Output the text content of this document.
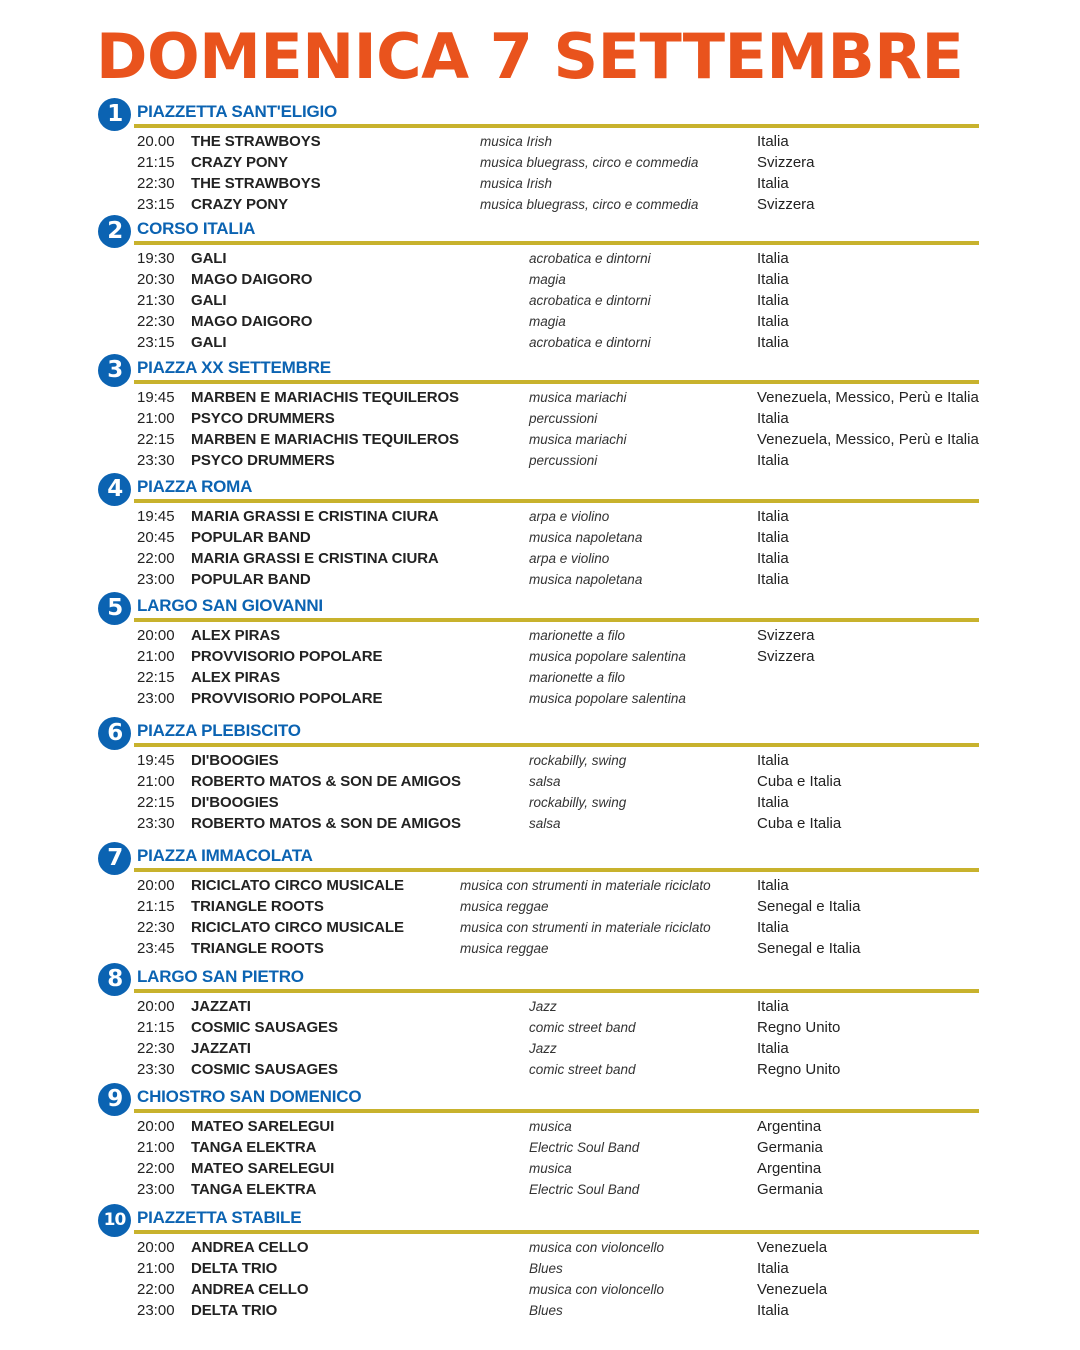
DOMENICA 7 SETTEMBRE
1 PIAZZETTA SANT'ELIGIO
20.00 THE STRAWBOYS	musica Irish	Italia
21:15 CRAZY PONY	musica bluegrass, circo e commedia	Svizzera
22:30 THE STRAWBOYS	musica Irish	Italia
23:15 CRAZY PONY	musica bluegrass, circo e commedia	Svizzera
2 CORSO ITALIA
19:30 GALI	acrobatica e dintorni	Italia
20:30 MAGO DAIGORO	magia	Italia
21:30 GALI	acrobatica e dintorni	Italia
22:30 MAGO DAIGORO	magia	Italia
23:15 GALI	acrobatica e dintorni	Italia
3 PIAZZA XX SETTEMBRE
19:45 MARBEN E MARIACHIS TEQUILEROS	musica mariachi	Venezuela, Messico, Perù e Italia
21:00 PSYCO DRUMMERS	percussioni	Italia
22:15 MARBEN E MARIACHIS TEQUILEROS	musica mariachi	Venezuela, Messico, Perù e Italia
23:30 PSYCO DRUMMERS	percussioni	Italia
4 PIAZZA ROMA
19:45 MARIA GRASSI E CRISTINA CIURA	arpa e violino	Italia
20:45 POPULAR BAND	musica napoletana	Italia
22:00 MARIA GRASSI E CRISTINA CIURA	arpa e violino	Italia
23:00 POPULAR BAND	musica napoletana	Italia
5 LARGO SAN GIOVANNI
20:00 ALEX PIRAS	marionette a filo	Svizzera
21:00 PROVVISORIO POPOLARE	musica popolare salentina	Svizzera
22:15 ALEX PIRAS	marionette a filo
23:00 PROVVISORIO POPOLARE	musica popolare salentina
6 PIAZZA PLEBISCITO
19:45 DI'BOOGIES	rockabilly, swing	Italia
21:00 ROBERTO MATOS & SON DE AMIGOS	salsa	Cuba e Italia
22:15 DI'BOOGIES	rockabilly, swing	Italia
23:30 ROBERTO MATOS & SON DE AMIGOS	salsa	Cuba e Italia
7 PIAZZA IMMACOLATA
20:00 RICICLATO CIRCO MUSICALE	musica con strumenti in materiale riciclato	Italia
21:15 TRIANGLE ROOTS	musica reggae	Senegal e Italia
22:30 RICICLATO CIRCO MUSICALE	musica con strumenti in materiale riciclato	Italia
23:45 TRIANGLE ROOTS	musica reggae	Senegal e Italia
8 LARGO SAN PIETRO
20:00 JAZZATI	Jazz	Italia
21:15 COSMIC SAUSAGES	comic street band	Regno Unito
22:30 JAZZATI	Jazz	Italia
23:30 COSMIC SAUSAGES	comic street band	Regno Unito
9 CHIOSTRO SAN DOMENICO
20:00 MATEO SARELEGUI	musica	Argentina
21:00 TANGA ELEKTRA	Electric Soul Band	Germania
22:00 MATEO SARELEGUI	musica	Argentina
23:00 TANGA ELEKTRA	Electric Soul Band	Germania
10 PIAZZETTA STABILE
20:00 ANDREA CELLO	musica con violoncello	Venezuela
21:00 DELTA TRIO	Blues	Italia
22:00 ANDREA CELLO	musica con violoncello	Venezuela
23:00 DELTA TRIO	Blues	Italia
